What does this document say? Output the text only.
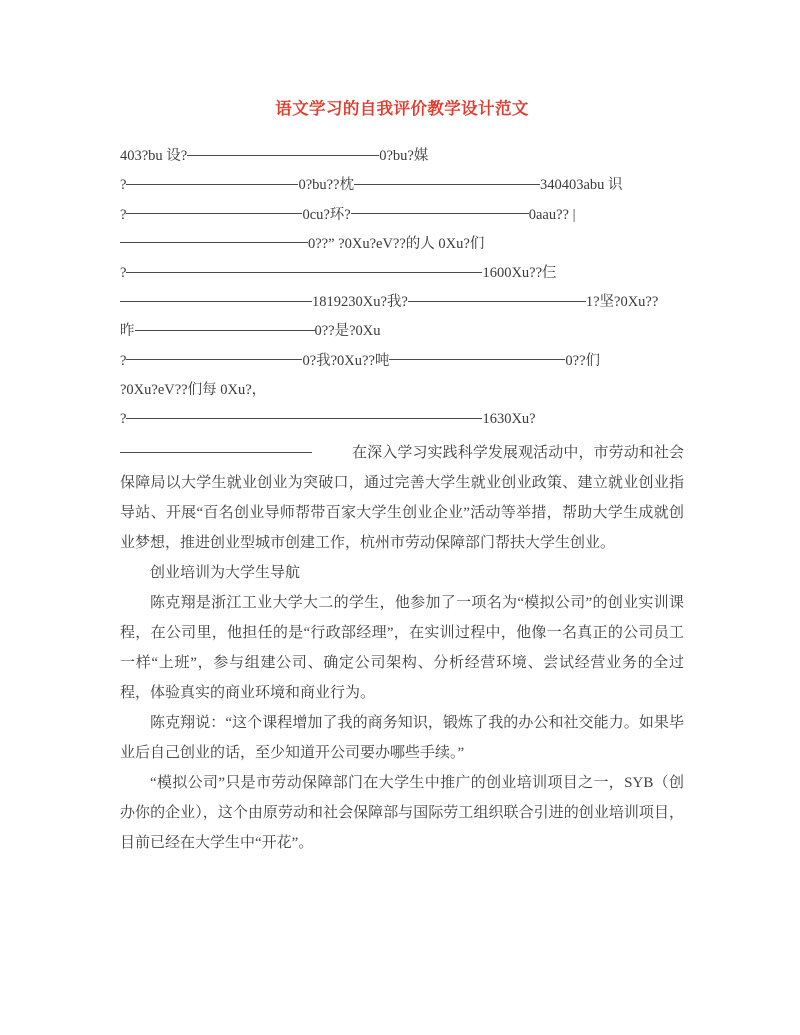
语文学习的自我评价教学设计范文
403?bu 设?	0?bu?媒
?	0?bu??枕	340403abu 识
?	0cu?环?	0aau?? |
0??” ?0Xu?eV??的人 0Xu?们
?	1600Xu??仨
1819230Xu?我?	1?坚?0Xu??
昨	0??是?0Xu
?	0?我?0Xu??吨	0??们
?0Xu?eV??们每 0Xu?，
?	1630Xu?

在深入学习实践科学发展观活动中，市劳动和社会保障局以大学生就业创业为突破口，通过完善大学生就业创业政策、建立就业创业指导站、开展“百名创业导师帮带百家大学生创业企业”活动等举措，帮助大学生成就创业梦想，推进创业型城市创建工作，杭州市劳动保障部门帮扶大学生创业。

创业培训为大学生导航

陈克翔是浙江工业大学大二的学生，他参加了一项名为“模拟公司”的创业实训课程，在公司里，他担任的是“行政部经理”，在实训过程中，他像一名真正的公司员工一样“上班”，参与组建公司、确定公司架构、分析经营环境、尝试经营业务的全过程，体验真实的商业环境和商业行为。

陈克翔说：“这个课程增加了我的商务知识，锻炼了我的办公和社交能力。如果毕业后自己创业的话，至少知道开公司要办哪些手续。”

“模拟公司”只是市劳动保障部门在大学生中推广的创业培训项目之一，SYB（创办你的企业），这个由原劳动和社会保障部与国际劳工组织联合引进的创业培训项目，目前已经在大学生中“开花”。
